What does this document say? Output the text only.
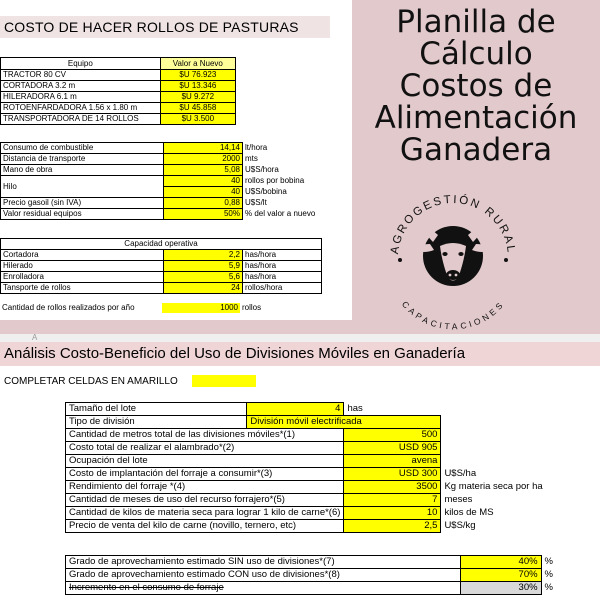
COSTO DE HACER ROLLOS DE PASTURAS
Equipo	Valor a Nuevo
TRACTOR 80 CV	$U 76.923
CORTADORA 3.2 m	$U 13.346
HILERADORA 6.1 m	$U 9.272
ROTOENFARDADORA 1.56 x 1.80 m	$U 45.858
TRANSPORTADORA DE 14 ROLLOS	$U 3.500
Consumo de combustible	14,14	lt/hora
Distancia de transporte	2000	mts
Mano de obra	5,08	U$S/hora
Hilo	40	rollos por bobina
	40	U$S/bobina
Precio gasoil (sin IVA)	0,88	U$S/lt
Valor residual equipos	50%	% del valor a nuevo
Capacidad operativa		
Cortadora	2,2	has/hora
Hilerado	5,9	has/hora
Enrolladora	5,6	has/hora
Tansporte de rollos	24	rollos/hora
Cantidad de rollos realizados por año	1000	rollos
Planilla de
Cálculo
Costos de
Alimentación
Ganadera
AGROGESTIÓN RURAL
CAPACITACIONES
A
Análisis Costo-Beneficio del Uso de Divisiones Móviles en Ganadería
COMPLETAR CELDAS EN AMARILLO
Tamaño del lote	4	has	
Tipo de división	División móvil electrificada		
Cantidad de metros total de las divisiones móviles*(1)		500	
Costo total de realizar el alambrado*(2)		USD 905	
Ocupación del lote		avena	
Costo de implantación del forraje a consumir*(3)		USD 300	U$S/ha
Rendimiento del forraje *(4)		3500	Kg materia seca por ha
Cantidad de meses de uso del recurso forrajero*(5)		7	meses
Cantidad de kilos de materia seca para lograr 1 kilo de carne*(6)		10	kilos de MS
Precio de venta del kilo de carne (novillo, ternero, etc)		2,5	U$S/kg
Grado de aprovechamiento estimado SIN uso de divisiones*(7)	40%	%
Grado de aprovechamiento estimado CON uso de divisiones*(8)	70%	%
Incremento en el consumo de forraje	30%	%
